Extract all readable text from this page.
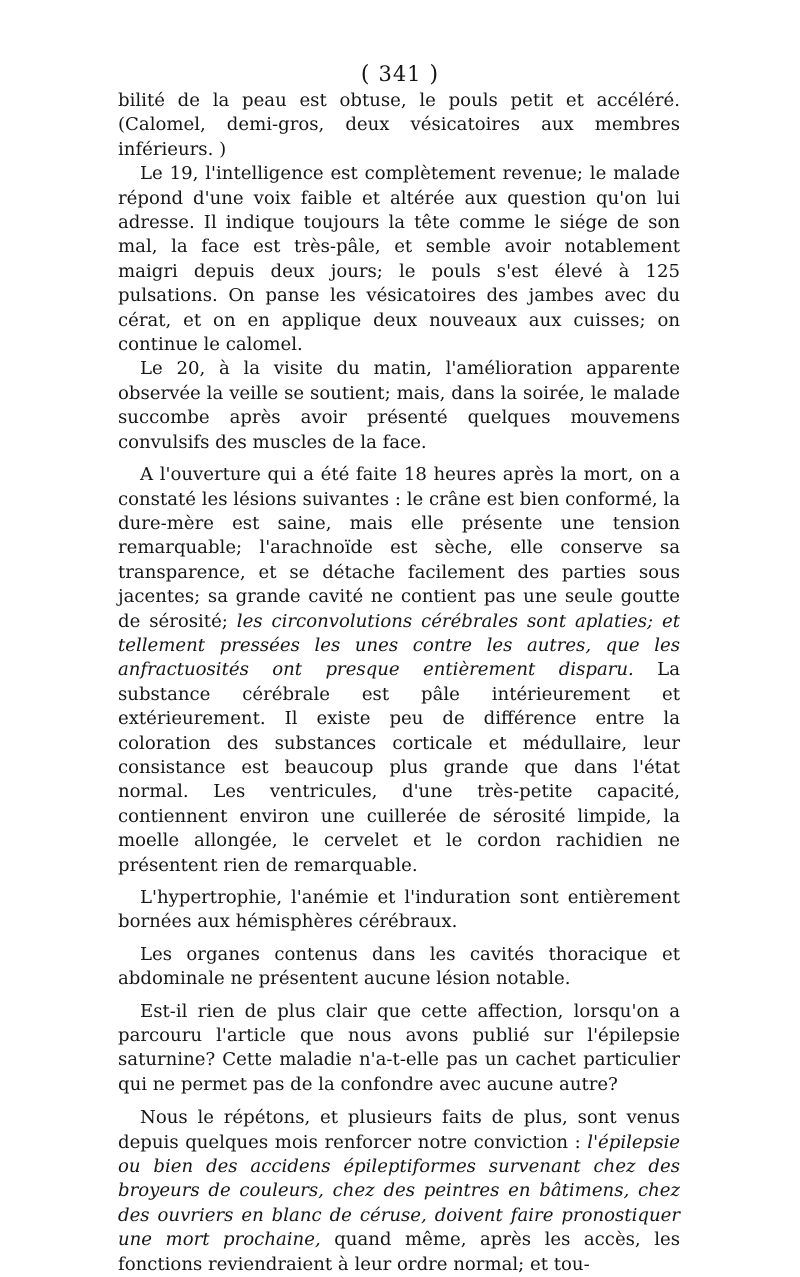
( 341 )

bilité de la peau est obtuse, le pouls petit et accéléré. (Calomel, demi-gros, deux vésicatoires aux membres inférieurs. )

Le 19, l'intelligence est complètement revenue; le malade répond d'une voix faible et altérée aux question qu'on lui adresse. Il indique toujours la tête comme le siége de son mal, la face est très-pâle, et semble avoir notablement maigri depuis deux jours; le pouls s'est élevé à 125 pulsations. On panse les vésicatoires des jambes avec du cérat, et on en applique deux nouveaux aux cuisses; on continue le calomel.

Le 20, à la visite du matin, l'amélioration apparente observée la veille se soutient; mais, dans la soirée, le malade succombe après avoir présenté quelques mouvemens convulsifs des muscles de la face.

A l'ouverture qui a été faite 18 heures après la mort, on a constaté les lésions suivantes : le crâne est bien conformé, la dure-mère est saine, mais elle présente une tension remarquable; l'arachnoïde est sèche, elle conserve sa transparence, et se détache facilement des parties sous jacentes; sa grande cavité ne contient pas une seule goutte de sérosité; les circonvolutions cérébrales sont aplaties; et tellement pressées les unes contre les autres, que les anfractuosités ont presque entièrement disparu. La substance cérébrale est pâle intérieurement et extérieurement. Il existe peu de différence entre la coloration des substances corticale et médullaire, leur consistance est beaucoup plus grande que dans l'état normal. Les ventricules, d'une très-petite capacité, contiennent environ une cuillerée de sérosité limpide, la moelle allongée, le cervelet et le cordon rachidien ne présentent rien de remarquable.

L'hypertrophie, l'anémie et l'induration sont entièrement bornées aux hémisphères cérébraux.

Les organes contenus dans les cavités thoracique et abdominale ne présentent aucune lésion notable.

Est-il rien de plus clair que cette affection, lorsqu'on a parcouru l'article que nous avons publié sur l'épilepsie saturnine? Cette maladie n'a-t-elle pas un cachet particulier qui ne permet pas de la confondre avec aucune autre?

Nous le répétons, et plusieurs faits de plus, sont venus depuis quelques mois renforcer notre conviction : l'épilepsie ou bien des accidens épileptiformes survenant chez des broyeurs de couleurs, chez des peintres en bâtimens, chez des ouvriers en blanc de céruse, doivent faire pronostiquer une mort prochaine, quand même, après les accès, les fonctions reviendraient à leur ordre normal; et tou-
